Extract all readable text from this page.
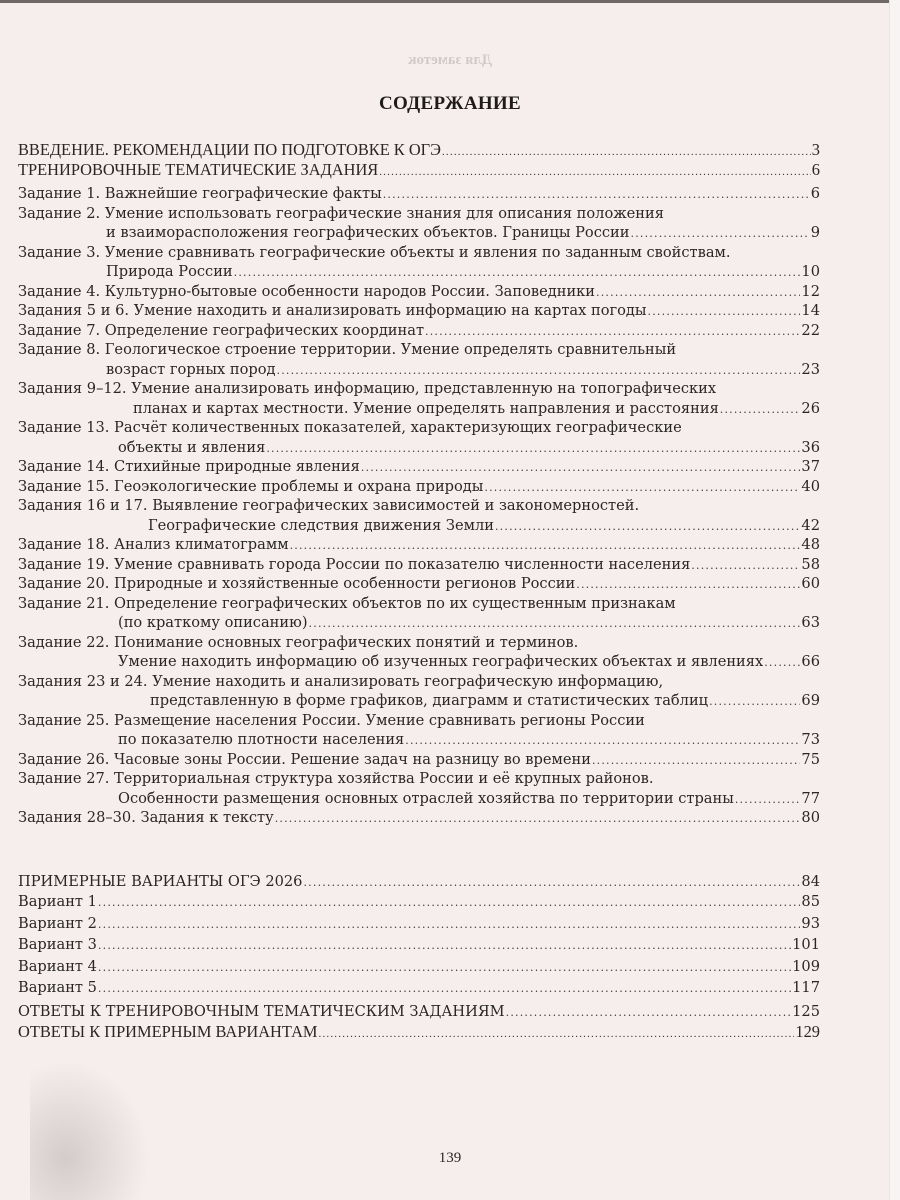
Для заметок
СОДЕРЖАНИЕ
ВВЕДЕНИЕ. РЕКОМЕНДАЦИИ ПО ПОДГОТОВКЕ К ОГЭ .....	3
ТРЕНИРОВОЧНЫЕ ТЕМАТИЧЕСКИЕ ЗАДАНИЯ .....	6
Задание 1. Важнейшие географические факты .....	6
Задание 2. Умение использовать географические знания для описания положения
и взаиморасположения географических объектов. Границы России .....	9
Задание 3. Умение сравнивать географические объекты и явления по заданным свойствам.
Природа России .....	10
Задание 4. Культурно-бытовые особенности народов России. Заповедники .....	12
Задания 5 и 6. Умение находить и анализировать информацию на картах погоды .....	14
Задание 7. Определение географических координат .....	22
Задание 8. Геологическое строение территории. Умение определять сравнительный
возраст горных пород .....	23
Задания 9–12. Умение анализировать информацию, представленную на топографических
планах и картах местности. Умение определять направления и расстояния .....	26
Задание 13. Расчёт количественных показателей, характеризующих географические
объекты и явления .....	36
Задание 14. Стихийные природные явления .....	37
Задание 15. Геоэкологические проблемы и охрана природы .....	40
Задания 16 и 17. Выявление географических зависимостей и закономерностей.
Географические следствия движения Земли .....	42
Задание 18. Анализ климатограмм .....	48
Задание 19. Умение сравнивать города России по показателю численности населения .....	58
Задание 20. Природные и хозяйственные особенности регионов России .....	60
Задание 21. Определение географических объектов по их существенным признакам
(по краткому описанию) .....	63
Задание 22. Понимание основных географических понятий и терминов.
Умение находить информацию об изученных географических объектах и явлениях .....	66
Задания 23 и 24. Умение находить и анализировать географическую информацию,
представленную в форме графиков, диаграмм и статистических таблиц .....	69
Задание 25. Размещение населения России. Умение сравнивать регионы России
по показателю плотности населения .....	73
Задание 26. Часовые зоны России. Решение задач на разницу во времени .....	75
Задание 27. Территориальная структура хозяйства России и её крупных районов.
Особенности размещения основных отраслей хозяйства по территории страны .....	77
Задания 28–30. Задания к тексту .....	80
ПРИМЕРНЫЕ ВАРИАНТЫ ОГЭ 2026 .....	84
Вариант 1 .....	85
Вариант 2 .....	93
Вариант 3 .....	101
Вариант 4 .....	109
Вариант 5 .....	117
ОТВЕТЫ К ТРЕНИРОВОЧНЫМ ТЕМАТИЧЕСКИМ ЗАДАНИЯМ .....	125
ОТВЕТЫ К ПРИМЕРНЫМ ВАРИАНТАМ .....	129
139
